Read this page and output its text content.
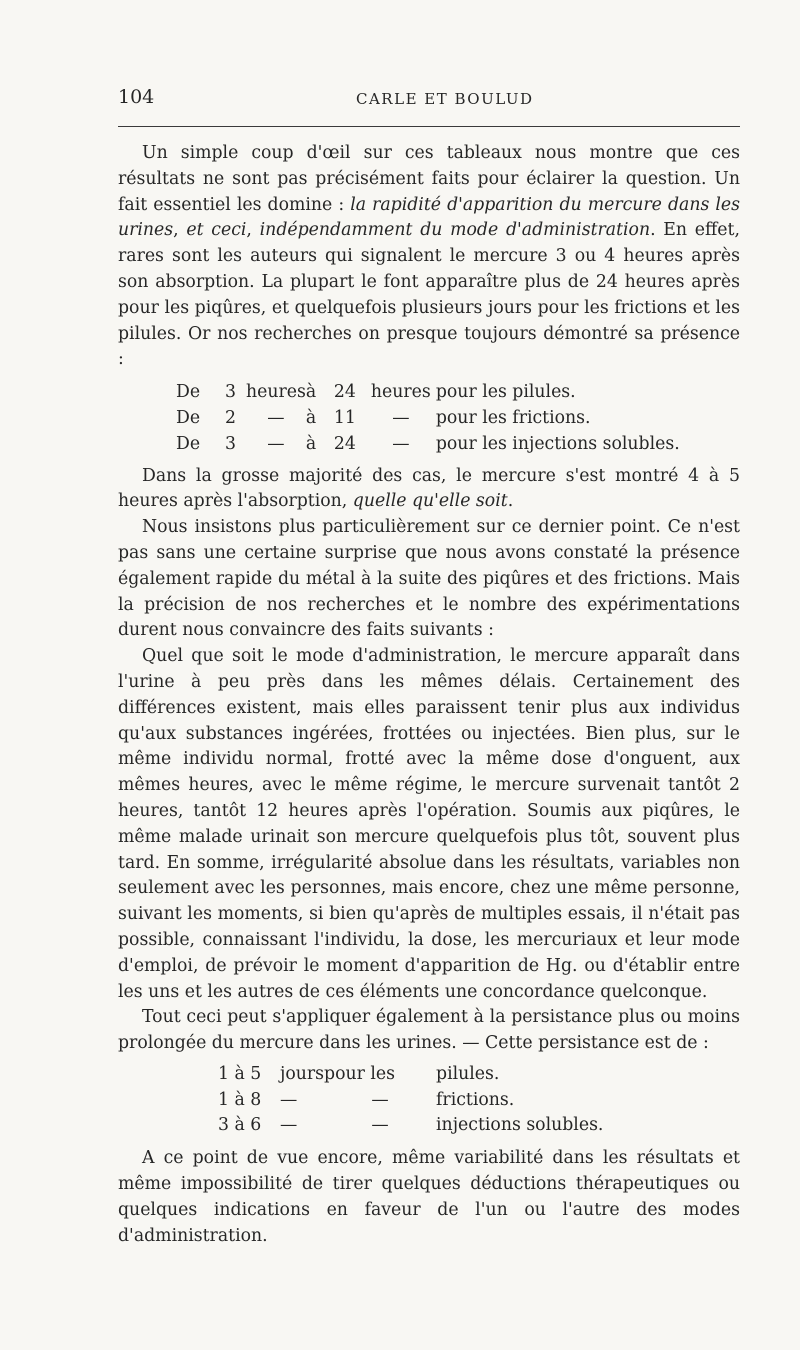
104	CARLE ET BOULUD

Un simple coup d'œil sur ces tableaux nous montre que ces résultats ne sont pas précisément faits pour éclairer la question. Un fait essentiel les domine : la rapidité d'apparition du mercure dans les urines, et ceci, indépendamment du mode d'administration. En effet, rares sont les auteurs qui signalent le mercure 3 ou 4 heures après son absorption. La plupart le font apparaître plus de 24 heures après pour les piqûres, et quelquefois plusieurs jours pour les frictions et les pilules. Or nos recherches on presque toujours démontré sa présence :

De	3	heures	à	24	heures	pour les pilules.
De	2	—	à	11	—	pour les frictions.
De	3	—	à	24	—	pour les injections solubles.

Dans la grosse majorité des cas, le mercure s'est montré 4 à 5 heures après l'absorption, quelle qu'elle soit.

Nous insistons plus particulièrement sur ce dernier point. Ce n'est pas sans une certaine surprise que nous avons constaté la présence également rapide du métal à la suite des piqûres et des frictions. Mais la précision de nos recherches et le nombre des expérimentations durent nous convaincre des faits suivants :

Quel que soit le mode d'administration, le mercure apparaît dans l'urine à peu près dans les mêmes délais. Certainement des différences existent, mais elles paraissent tenir plus aux individus qu'aux substances ingérées, frottées ou injectées. Bien plus, sur le même individu normal, frotté avec la même dose d'onguent, aux mêmes heures, avec le même régime, le mercure survenait tantôt 2 heures, tantôt 12 heures après l'opération. Soumis aux piqûres, le même malade urinait son mercure quelquefois plus tôt, souvent plus tard. En somme, irrégularité absolue dans les résultats, variables non seulement avec les personnes, mais encore, chez une même personne, suivant les moments, si bien qu'après de multiples essais, il n'était pas possible, connaissant l'individu, la dose, les mercuriaux et leur mode d'emploi, de prévoir le moment d'apparition de Hg. ou d'établir entre les uns et les autres de ces éléments une concordance quelconque.

Tout ceci peut s'appliquer également à la persistance plus ou moins prolongée du mercure dans les urines. — Cette persistance est de :

1 à 5	jours	pour les	pilules.
1 à 8	—	—	frictions.
3 à 6	—	—	injections solubles.

A ce point de vue encore, même variabilité dans les résultats et même impossibilité de tirer quelques déductions thérapeutiques ou quelques indications en faveur de l'un ou l'autre des modes d'administration.
